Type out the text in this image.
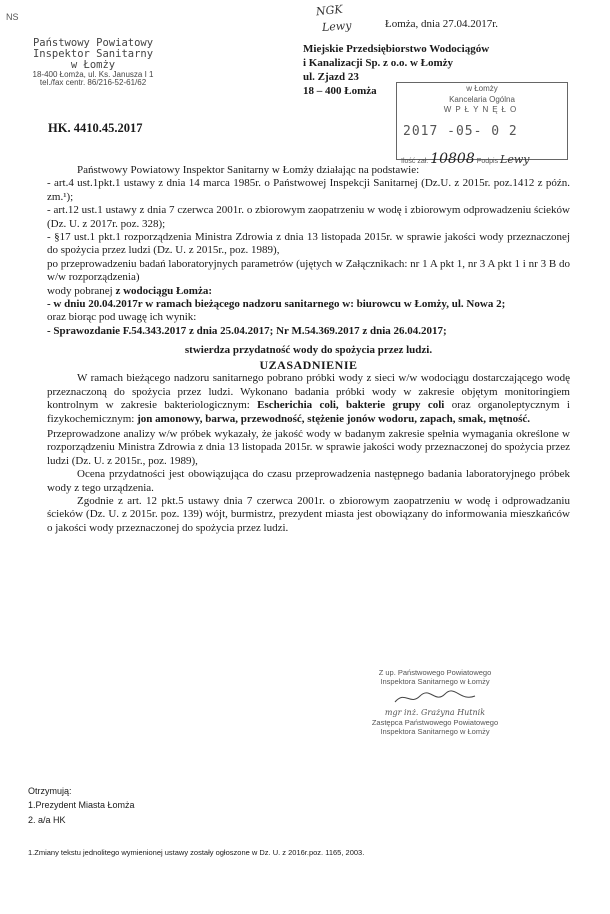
NS	NGK
Lewy
Państwowy Powiatowy
Inspektor Sanitarny
w Łomży
18-400 Łomża, ul. Ks. Janusza I 1
tel./fax centr. 86/216-52-61/62
Łomża, dnia 27.04.2017r.
Miejskie Przedsiębiorstwo Wodociągów
i Kanalizacji Sp. z o.o. w Łomży
ul. Zjazd 23
18 – 400 Łomża	w Łomży
Kancelaria Ogólna
WPŁYNĘŁO
2017 -05- 0 2
Ilość zał. 10808 Podpis Lewy
HK. 4410.45.2017

Państwowy Powiatowy Inspektor Sanitarny w Łomży działając na podstawie:

- art.4 ust.1pkt.1 ustawy z dnia 14 marca 1985r. o Państwowej Inspekcji Sanitarnej (Dz.U. z 2015r. poz.1412 z późn. zm.¹);

- art.12 ust.1 ustawy z dnia 7 czerwca 2001r. o zbiorowym zaopatrzeniu w wodę i zbiorowym odprowadzeniu ścieków (Dz. U. z 2017r. poz. 328);

- §17 ust.1 pkt.1 rozporządzenia Ministra Zdrowia z dnia 13 listopada 2015r. w sprawie jakości wody przeznaczonej do spożycia przez ludzi (Dz. U. z 2015r., poz. 1989),

po przeprowadzeniu badań laboratoryjnych parametrów (ujętych w Załącznikach: nr 1 A pkt 1, nr 3 A pkt 1 i nr 3 B do w/w rozporządzenia)

wody pobranej z wodociągu Łomża:

- w dniu 20.04.2017r w ramach bieżącego nadzoru sanitarnego w: biurowcu w Łomży, ul. Nowa 2;

oraz biorąc pod uwagę ich wynik:

- Sprawozdanie F.54.343.2017 z dnia 25.04.2017; Nr M.54.369.2017 z dnia 26.04.2017;

stwierdza przydatność wody do spożycia przez ludzi.

UZASADNIENIE

W ramach bieżącego nadzoru sanitarnego pobrano próbki wody z sieci w/w wodociągu dostarczającego wodę przeznaczoną do spożycia przez ludzi. Wykonano badania próbki wody w zakresie objętym monitoringiem kontrolnym w zakresie bakteriologicznym: Escherichia coli, bakterie grupy coli oraz organoleptycznym i fizykochemicznym: jon amonowy, barwa, przewodność, stężenie jonów wodoru, zapach, smak, mętność.

Przeprowadzone analizy w/w próbek wykazały, że jakość wody w badanym zakresie spełnia wymagania określone w rozporządzeniu Ministra Zdrowia z dnia 13 listopada 2015r. w sprawie jakości wody przeznaczonej do spożycia przez ludzi (Dz. U. z 2015r., poz. 1989),

Ocena przydatności jest obowiązująca do czasu przeprowadzenia następnego badania laboratoryjnego próbek wody z tego urządzenia.

Zgodnie z art. 12 pkt.5 ustawy dnia 7 czerwca 2001r. o zbiorowym zaopatrzeniu w wodę i odprowadzaniu ścieków (Dz. U. z 2015r. poz. 139) wójt, burmistrz, prezydent miasta jest obowiązany do informowania mieszkańców o jakości wody przeznaczonej do spożycia przez ludzi.

Z up. Państwowego Powiatowego
Inspektora Sanitarnego w Łomży
mgr inż. Grażyna Hutnik
Zastępca Państwowego Powiatowego
Inspektora Sanitarnego w Łomży
Otrzymują:
1.Prezydent Miasta Łomża
2. a/a HK
1.Zmiany tekstu jednolitego wymienionej ustawy zostały ogłoszone w Dz. U. z 2016r.poz. 1165, 2003.
